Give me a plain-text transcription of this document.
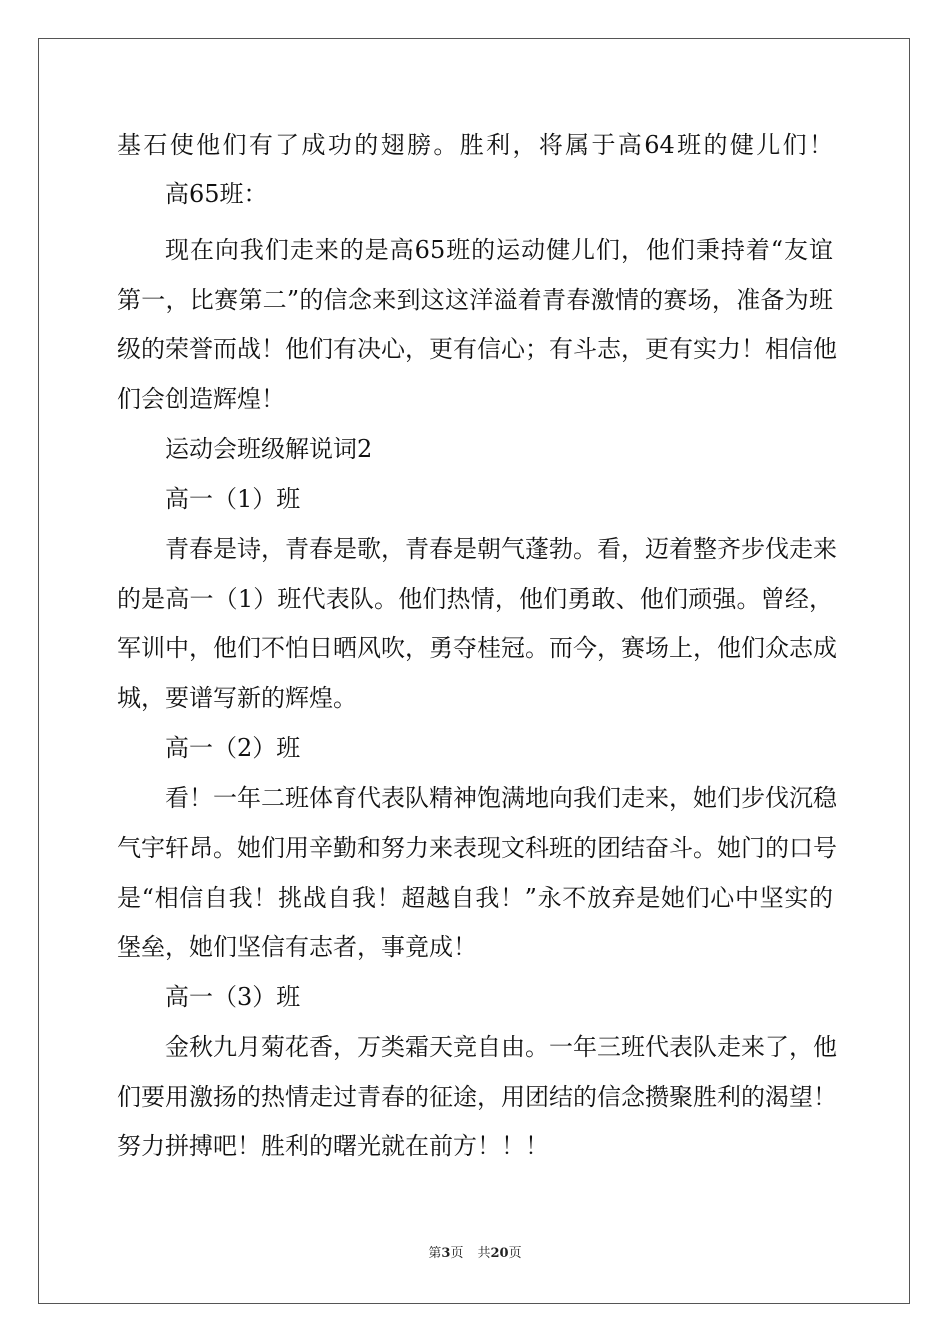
基石使他们有了成功的翅膀。胜利，将属于高64班的健儿们！
高65班：
现在向我们走来的是高65班的运动健儿们，他们秉持着“友谊
第一，比赛第二”的信念来到这这洋溢着青春激情的赛场，准备为班
级的荣誉而战！他们有决心，更有信心；有斗志，更有实力！相信他
们会创造辉煌！
运动会班级解说词2
高一（1）班
青春是诗，青春是歌，青春是朝气蓬勃。看，迈着整齐步伐走来
的是高一（1）班代表队。他们热情，他们勇敢、他们顽强。曾经，
军训中，他们不怕日晒风吹，勇夺桂冠。而今，赛场上，他们众志成
城，要谱写新的辉煌。
高一（2）班
看！一年二班体育代表队精神饱满地向我们走来，她们步伐沉稳
气宇轩昂。她们用辛勤和努力来表现文科班的团结奋斗。她门的口号
是“相信自我！挑战自我！超越自我！”永不放弃是她们心中坚实的
堡垒，她们坚信有志者，事竟成！
高一（3）班
金秋九月菊花香，万类霜天竞自由。一年三班代表队走来了，他
们要用激扬的热情走过青春的征途，用团结的信念攒聚胜利的渴望！
努力拼搏吧！胜利的曙光就在前方！！！
第3页 共20页
